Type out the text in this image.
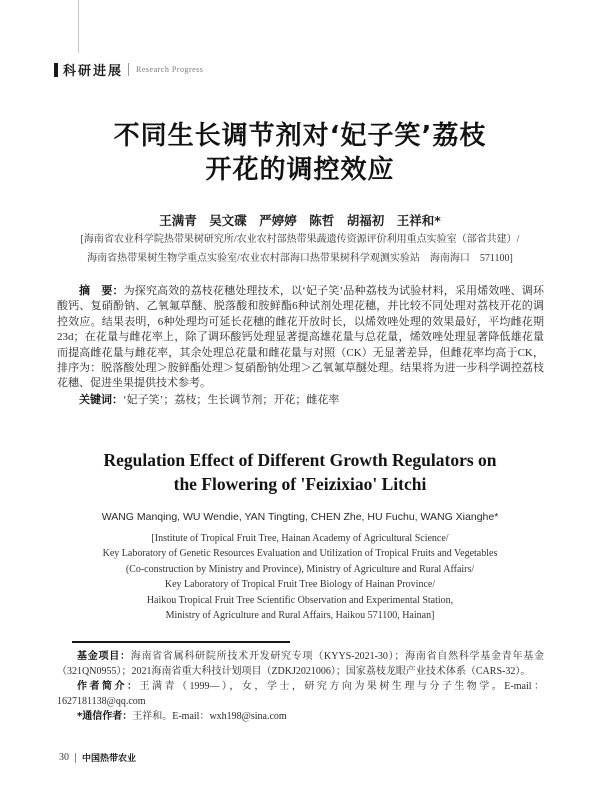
科研进展 Research Progress
不同生长调节剂对‘妃子笑’荔枝
开花的调控效应
王满青　吴文碟　严婷婷　陈哲　胡福初　王祥和*
[海南省农业科学院热带果树研究所/农业农村部热带果蔬遗传资源评价利用重点实验室（部省共建）/
海南省热带果树生物学重点实验室/农业农村部海口热带果树科学观测实验站　海南海口　571100]

摘　要：为探究高效的荔枝花穗处理技术，以‘妃子笑’品种荔枝为试验材料，采用烯效唑、调环酸钙、复硝酚钠、乙氧氟草醚、脱落酸和胺鲜酯6种试剂处理花穗，并比较不同处理对荔枝开花的调控效应。结果表明，6种处理均可延长花穗的雌花开放时长，以烯效唑处理的效果最好，平均雌花期23d；在花量与雌花率上，除了调环酸钙处理显著提高雄花量与总花量，烯效唑处理显著降低雄花量而提高雌花量与雌花率，其余处理总花量和雌花量与对照（CK）无显著差异，但雌花率均高于CK，排序为：脱落酸处理＞胺鲜酯处理＞复硝酚钠处理＞乙氧氟草醚处理。结果将为进一步科学调控荔枝花穗、促进坐果提供技术参考。

关键词：‘妃子笑’；荔枝；生长调节剂；开花；雌花率

Regulation Effect of Different Growth Regulators on
the Flowering of 'Feizixiao' Litchi
WANG Manqing, WU Wendie, YAN Tingting, CHEN Zhe, HU Fuchu, WANG Xianghe*
[Institute of Tropical Fruit Tree, Hainan Academy of Agricultural Science/
Key Laboratory of Genetic Resources Evaluation and Utilization of Tropical Fruits and Vegetables
(Co-construction by Ministry and Province), Ministry of Agriculture and Rural Affairs/
Key Laboratory of Tropical Fruit Tree Biology of Hainan Province/
Haikou Tropical Fruit Tree Scientific Observation and Experimental Station,
Ministry of Agriculture and Rural Affairs, Haikou 571100, Hainan]

基金项目：海南省省属科研院所技术开发研究专项（KYYS-2021-30）；海南省自然科学基金青年基金（321QN0955）；2021海南省重大科技计划项目（ZDKJ2021006）；国家荔枝龙眼产业技术体系（CARS-32）。

作者简介：王满青（1999—），女，学士，研究方向为果树生理与分子生物学。E-mail：1627181138@qq.com

*通信作者：王祥和。E-mail：wxh198@sina.com

30 中国热带农业
